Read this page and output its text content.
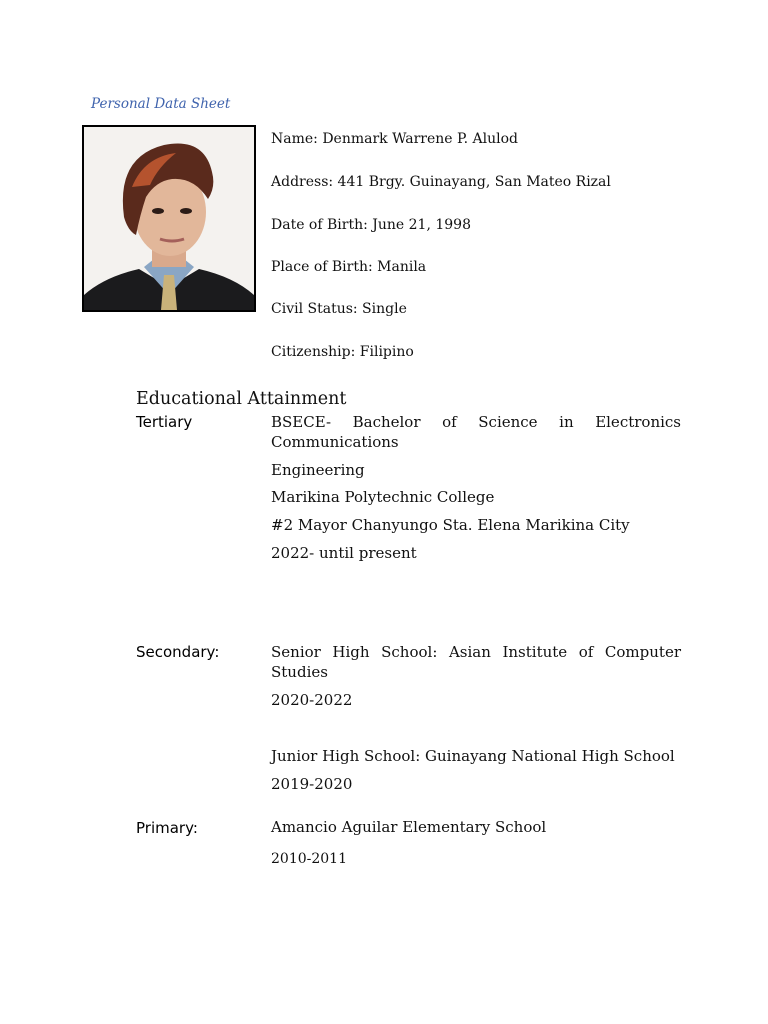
Personal Data Sheet
Name: Denmark Warrene P. Alulod
Address: 441 Brgy. Guinayang, San Mateo Rizal
Date of Birth: June 21, 1998
Place of Birth: Manila
Civil Status: Single
Citizenship: Filipino
Educational Attainment
Tertiary	BSECE- Bachelor of Science in Electronics Communications
Engineering
Marikina Polytechnic College
#2 Mayor Chanyungo Sta. Elena Marikina City
2022- until present
Secondary:	Senior High School: Asian Institute of Computer Studies
2020-2022
Junior High School: Guinayang National High School
2019-2020
Primary:	Amancio Aguilar Elementary School
2010-2011
